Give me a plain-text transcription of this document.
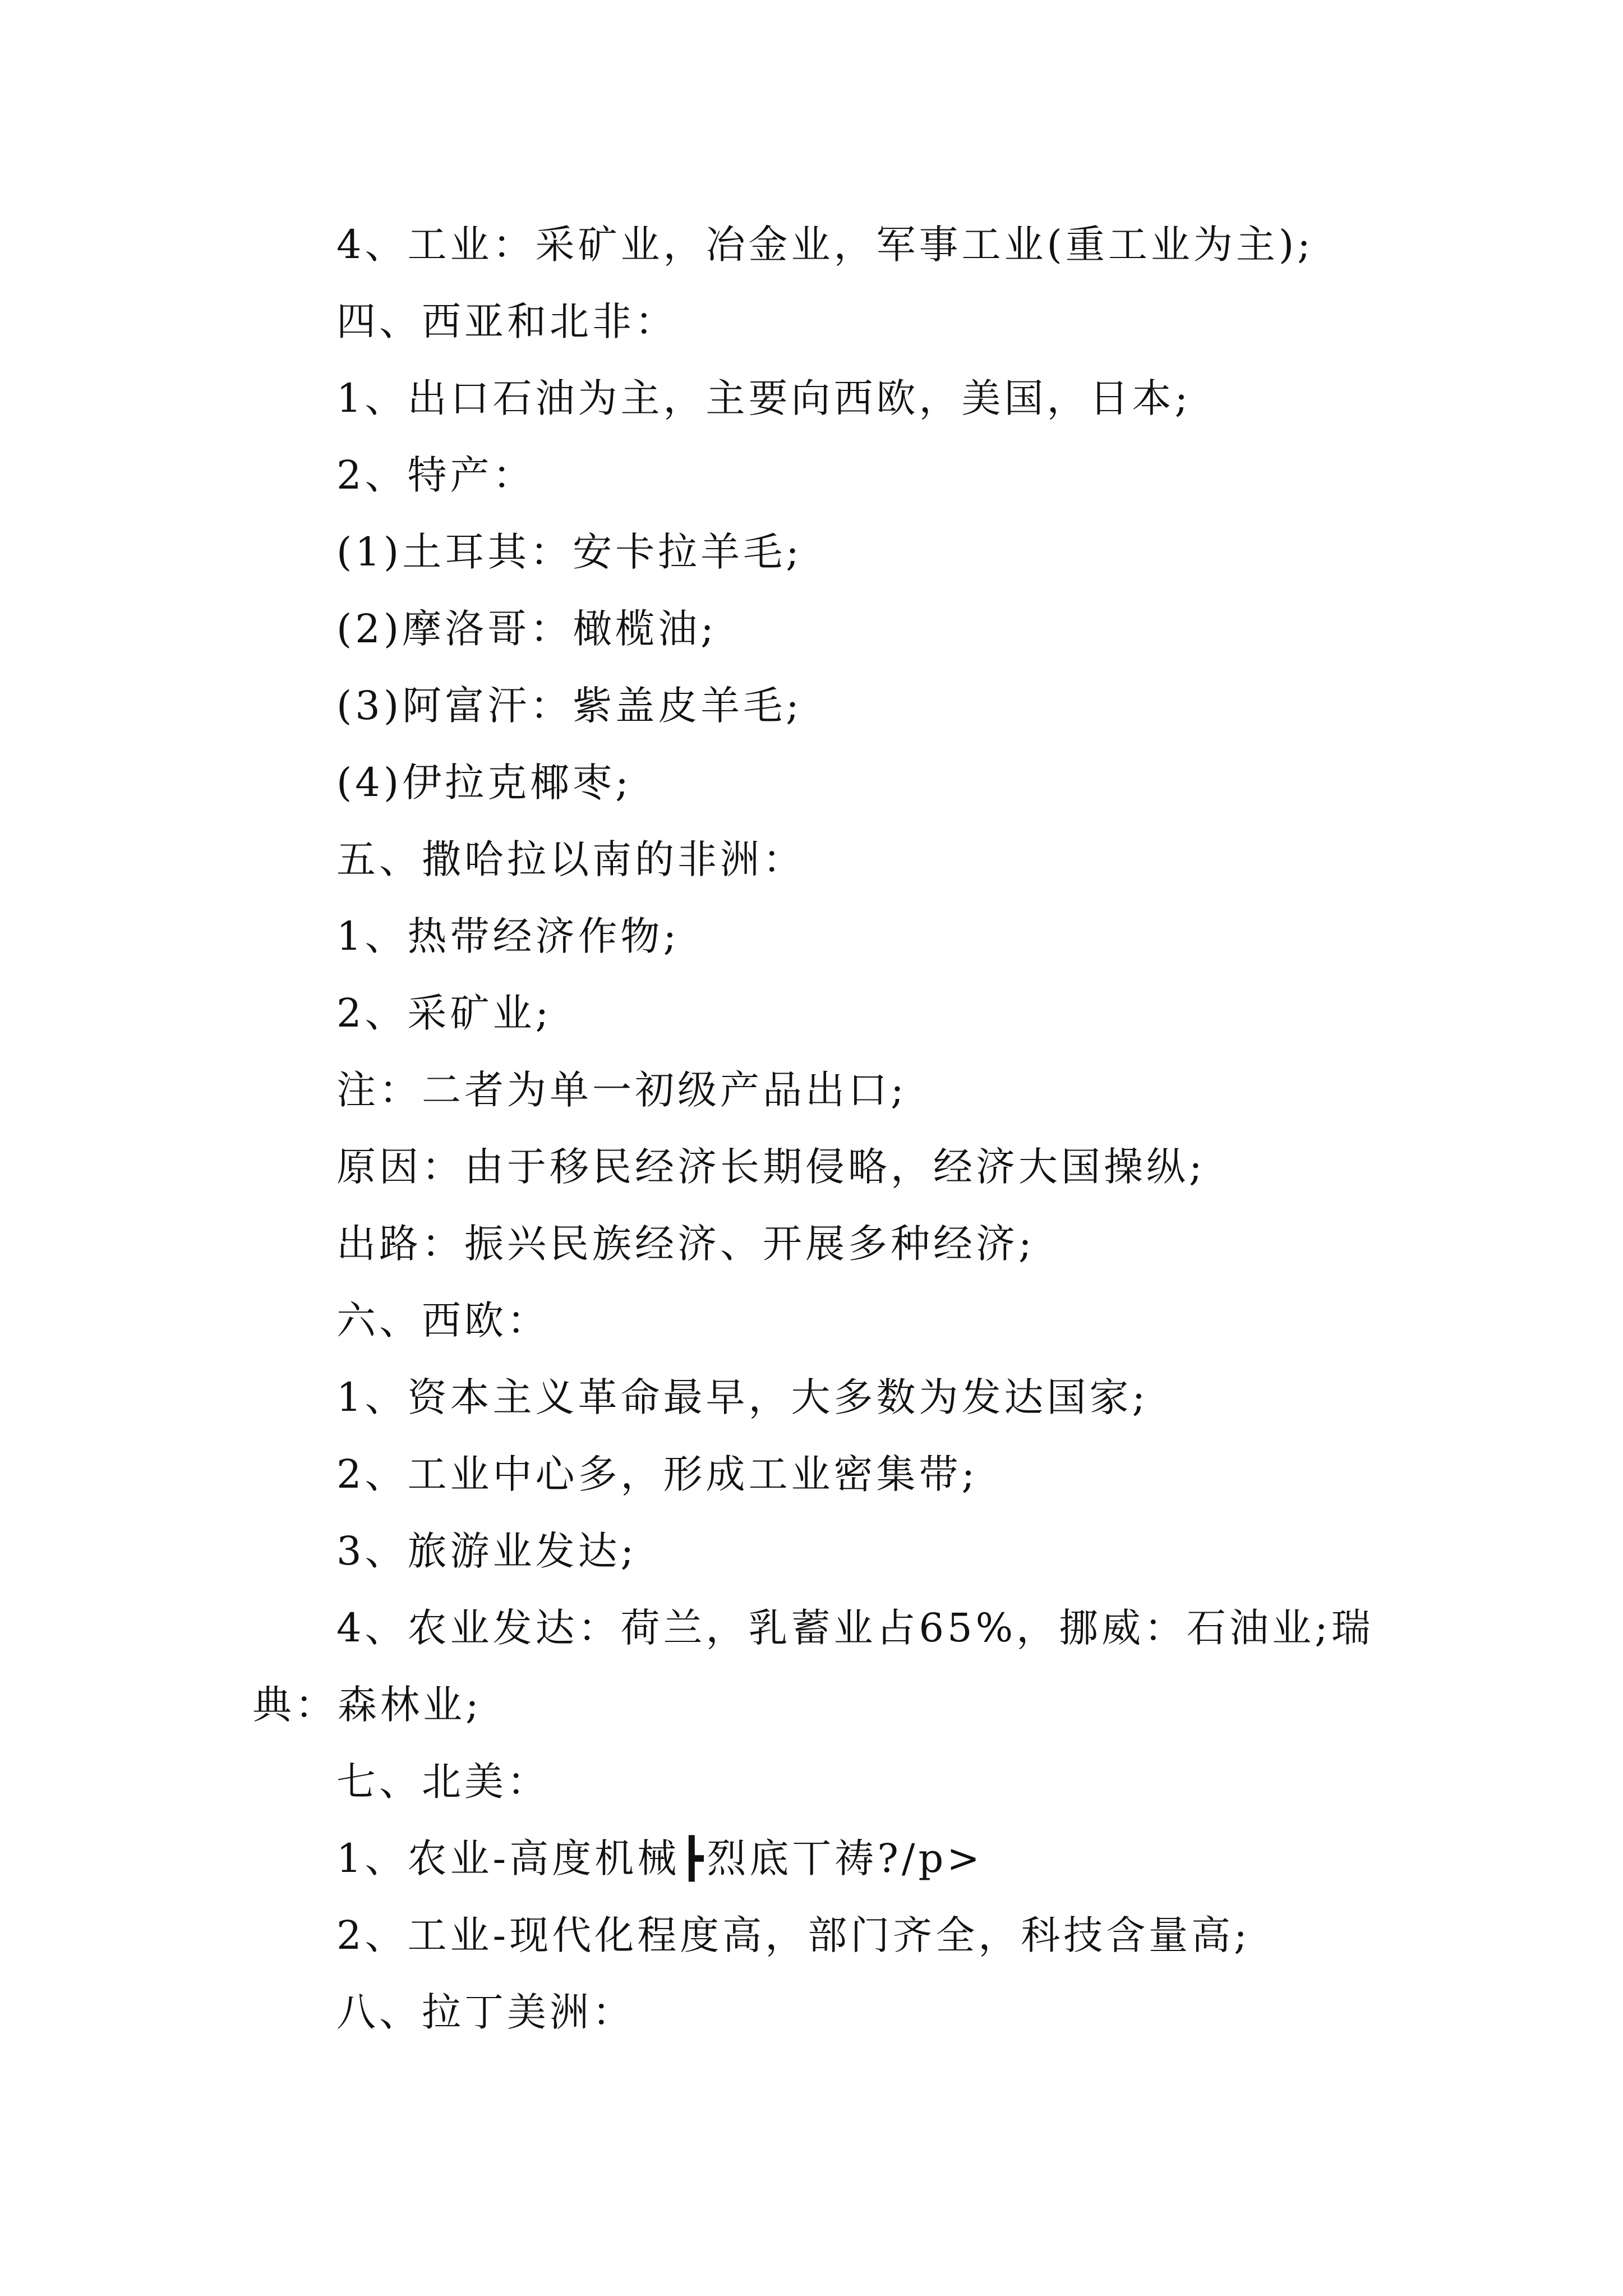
4、工业：采矿业，冶金业，军事工业(重工业为主);
四、西亚和北非：
1、出口石油为主，主要向西欧，美国，日本;
2、特产：
(1)土耳其：安卡拉羊毛;
(2)摩洛哥：橄榄油;
(3)阿富汗：紫盖皮羊毛;
(4)伊拉克椰枣;
五、撒哈拉以南的非洲：
1、热带经济作物;
2、采矿业;
注：二者为单一初级产品出口;
原因：由于移民经济长期侵略，经济大国操纵;
出路：振兴民族经济、开展多种经济;
六、西欧：
1、资本主义革命最早，大多数为发达国家;
2、工业中心多，形成工业密集带;
3、旅游业发达;
4、农业发达：荷兰，乳蓄业占65%，挪威：石油业;瑞
典：森林业;
七、北美：
1、农业-高度机械┣烈底丅祷?/p>
2、工业-现代化程度高，部门齐全，科技含量高;
八、拉丁美洲：
